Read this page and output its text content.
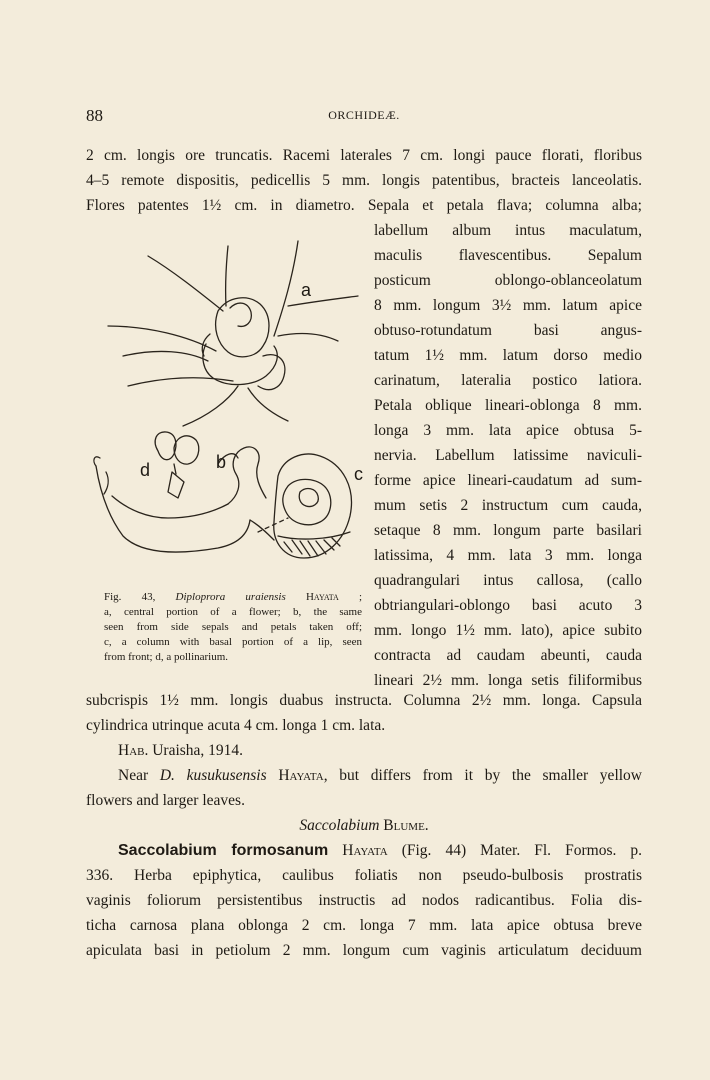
88	ORCHIDEÆ.
2 cm. longis ore truncatis. Racemi laterales 7 cm. longi pauce florati, floribus
4–5 remote dispositis, pedicellis 5 mm. longis patentibus, bracteis lanceolatis.
Flores patentes 1½ cm. in diametro. Sepala et petala flava; columna alba;
labellum album intus maculatum,
maculis flavescentibus. Sepalum
posticum oblongo-oblanceolatum
8 mm. longum 3½ mm. latum apice
obtuso-rotundatum basi angus-
tatum 1½ mm. latum dorso medio
carinatum, lateralia postico latiora.
Petala oblique lineari-oblonga 8 mm.
longa 3 mm. lata apice obtusa 5-
nervia. Labellum latissime naviculi-
forme apice lineari-caudatum ad sum-
mum setis 2 instructum cum cauda,
setaque 8 mm. longum parte basilari
latissima, 4 mm. lata 3 mm. longa
quadrangulari intus callosa, (callo
obtriangulari-oblongo basi acuto 3
mm. longo 1½ mm. lato), apice subito
contracta ad caudam abeunti, cauda
lineari 2½ mm. longa setis filiformibus
a
b
d	c
Fig. 43, Diploprora uraiensis Hayata ;
a, central portion of a flower; b, the same
seen from side sepals and petals taken off;
c, a column with basal portion of a lip, seen
from front; d, a pollinarium.
subcrispis 1½ mm. longis duabus instructa. Columna 2½ mm. longa. Capsula
cylindrica utrinque acuta 4 cm. longa 1 cm. lata.
Hab. Uraisha, 1914.
Near D. kusukusensis Hayata, but differs from it by the smaller yellow
flowers and larger leaves.
Saccolabium Blume.
Saccolabium formosanum Hayata (Fig. 44) Mater. Fl. Formos. p.
336. Herba epiphytica, caulibus foliatis non pseudo-bulbosis prostratis
vaginis foliorum persistentibus instructis ad nodos radicantibus. Folia dis-
ticha carnosa plana oblonga 2 cm. longa 7 mm. lata apice obtusa breve
apiculata basi in petiolum 2 mm. longum cum vaginis articulatum deciduum
